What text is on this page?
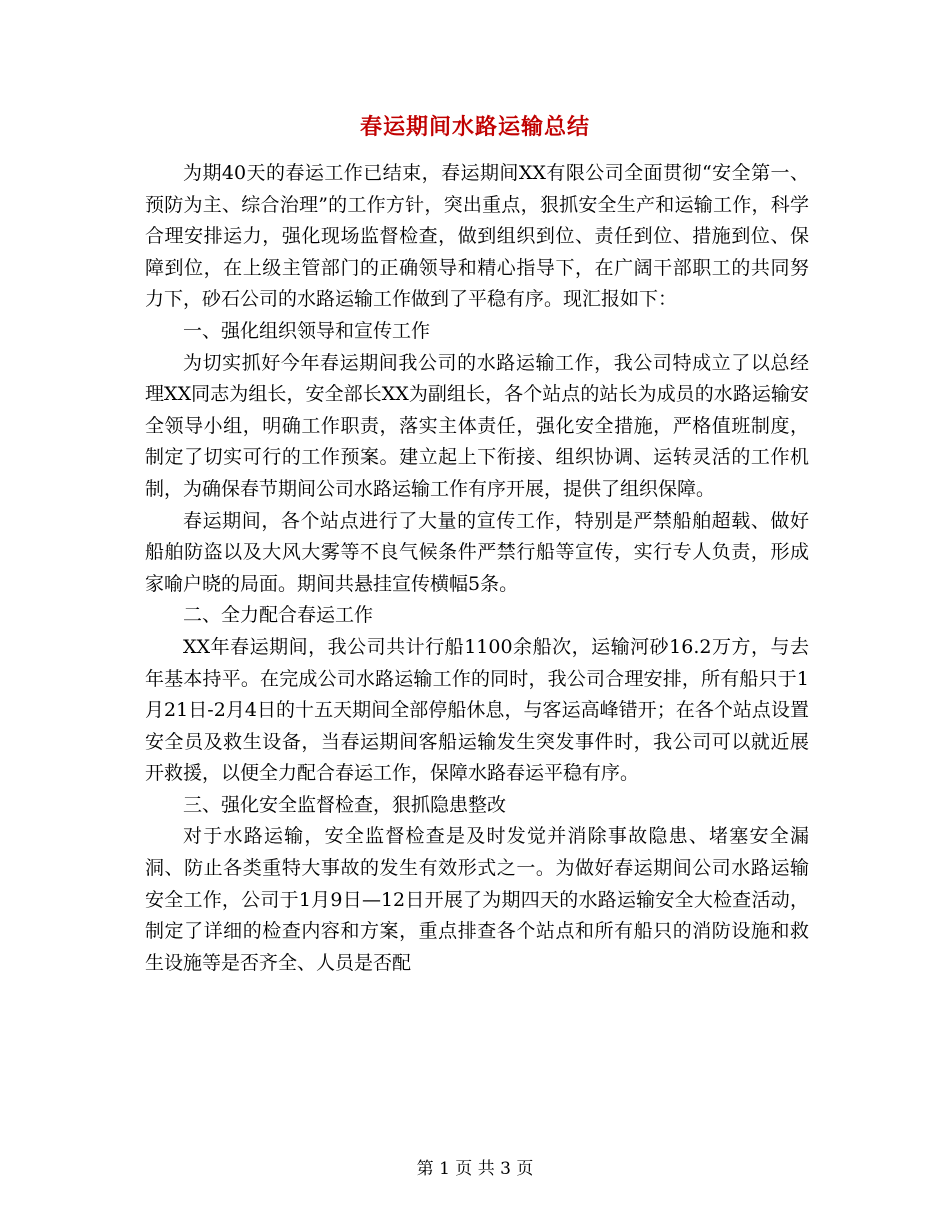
春运期间水路运输总结

为期40天的春运工作已结束，春运期间XX有限公司全面贯彻“安全第一、预防为主、综合治理”的工作方针，突出重点，狠抓安全生产和运输工作，科学合理安排运力，强化现场监督检查，做到组织到位、责任到位、措施到位、保障到位，在上级主管部门的正确领导和精心指导下，在广阔干部职工的共同努力下，砂石公司的水路运输工作做到了平稳有序。现汇报如下：

一、强化组织领导和宣传工作

为切实抓好今年春运期间我公司的水路运输工作，我公司特成立了以总经理XX同志为组长，安全部长XX为副组长，各个站点的站长为成员的水路运输安全领导小组，明确工作职责，落实主体责任，强化安全措施，严格值班制度，制定了切实可行的工作预案。建立起上下衔接、组织协调、运转灵活的工作机制，为确保春节期间公司水路运输工作有序开展，提供了组织保障。

春运期间，各个站点进行了大量的宣传工作，特别是严禁船舶超载、做好船舶防盗以及大风大雾等不良气候条件严禁行船等宣传，实行专人负责，形成家喻户晓的局面。期间共悬挂宣传横幅5条。

二、全力配合春运工作

XX年春运期间，我公司共计行船1100余船次，运输河砂16.2万方，与去年基本持平。在完成公司水路运输工作的同时，我公司合理安排，所有船只于1月21日-2月4日的十五天期间全部停船休息，与客运高峰错开；在各个站点设置安全员及救生设备，当春运期间客船运输发生突发事件时，我公司可以就近展开救援，以便全力配合春运工作，保障水路春运平稳有序。

三、强化安全监督检查，狠抓隐患整改

对于水路运输，安全监督检查是及时发觉并消除事故隐患、堵塞安全漏洞、防止各类重特大事故的发生有效形式之一。为做好春运期间公司水路运输安全工作，公司于1月9日—12日开展了为期四天的水路运输安全大检查活动，制定了详细的检查内容和方案，重点排查各个站点和所有船只的消防设施和救生设施等是否齐全、人员是否配

第 1 页 共 3 页
